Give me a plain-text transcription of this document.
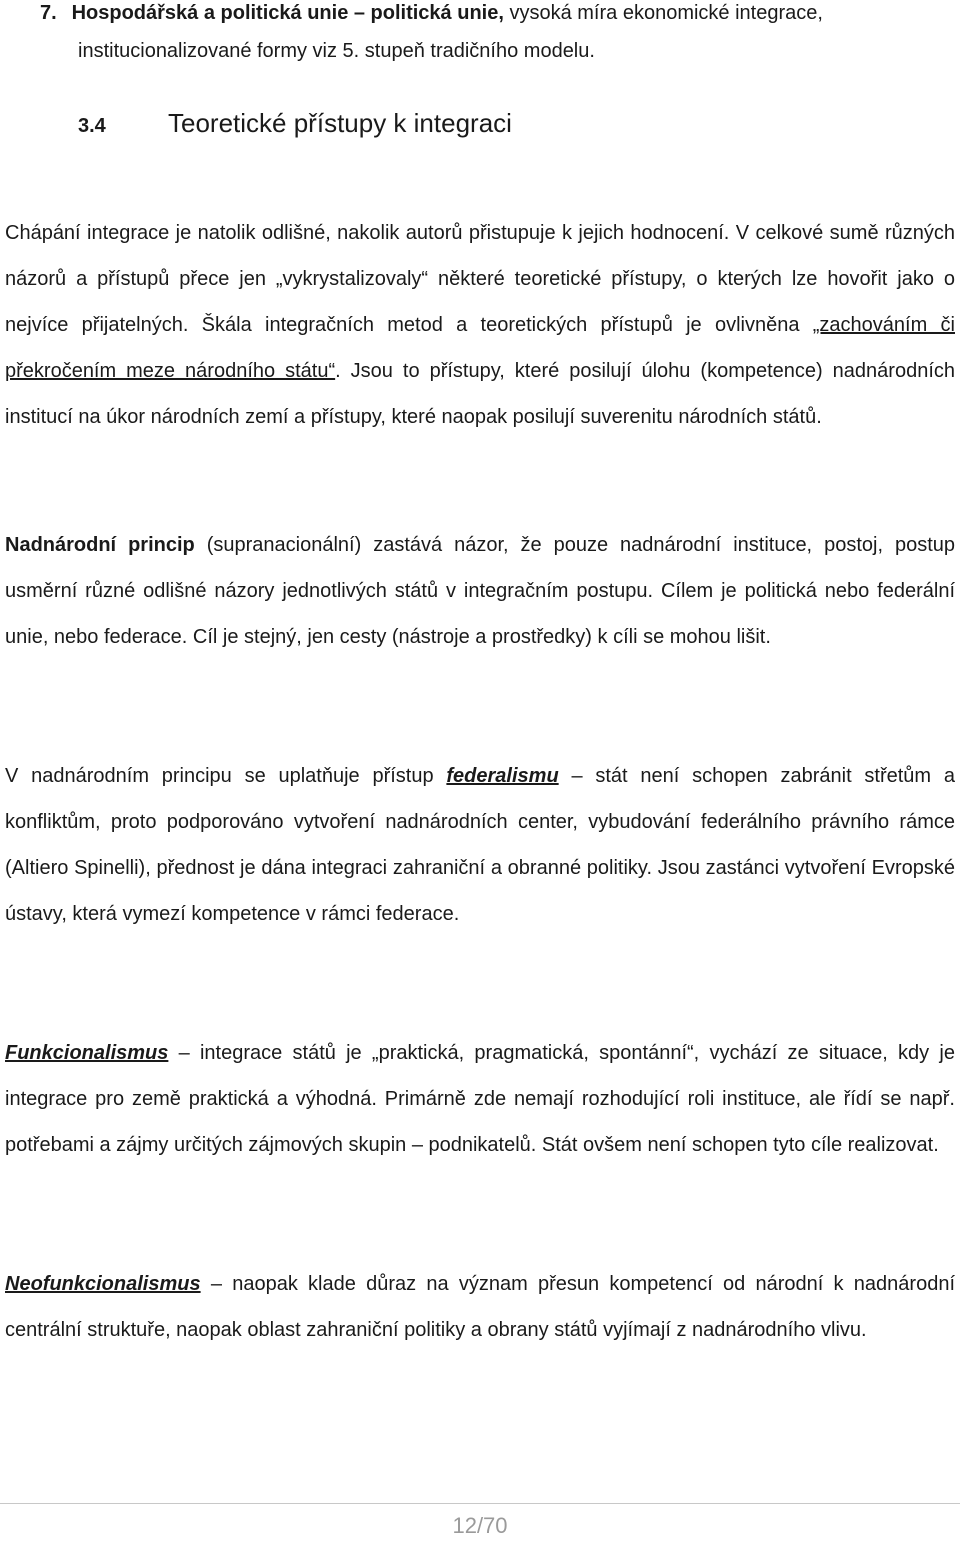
7. Hospodářská a politická unie – politická unie, vysoká míra ekonomické integrace,
institucionalizované formy viz 5. stupeň tradičního modelu.
3.4 Teoretické přístupy k integraci
Chápání integrace je natolik odlišné, nakolik autorů přistupuje k jejich hodnocení. V celkové sumě různých názorů a přístupů přece jen „vykrystalizovaly“ některé teoretické přístupy, o kterých lze hovořit jako o nejvíce přijatelných. Škála integračních metod a teoretických přístupů je ovlivněna „zachováním či překročením meze národního státu“. Jsou to přístupy, které posilují úlohu (kompetence) nadnárodních institucí na úkor národních zemí a přístupy, které naopak posilují suverenitu národních států.
Nadnárodní princip (supranacionální) zastává názor, že pouze nadnárodní instituce, postoj, postup usměrní různé odlišné názory jednotlivých států v integračním postupu. Cílem je politická nebo federální unie, nebo federace. Cíl je stejný, jen cesty (nástroje a prostředky) k cíli se mohou lišit.
V nadnárodním principu se uplatňuje přístup federalismu – stát není schopen zabránit střetům a konfliktům, proto podporováno vytvoření nadnárodních center, vybudování federálního právního rámce (Altiero Spinelli), přednost je dána integraci zahraniční a obranné politiky. Jsou zastánci vytvoření Evropské ústavy, která vymezí kompetence v rámci federace.
Funkcionalismus – integrace států je „praktická, pragmatická, spontánní“, vychází ze situace, kdy je integrace pro země praktická a výhodná. Primárně zde nemají rozhodující roli instituce, ale řídí se např. potřebami a zájmy určitých zájmových skupin – podnikatelů. Stát ovšem není schopen tyto cíle realizovat.
Neofunkcionalismus – naopak klade důraz na význam přesun kompetencí od národní k nadnárodní centrální struktuře, naopak oblast zahraniční politiky a obrany států vyjímají z nadnárodního vlivu.
12/70
